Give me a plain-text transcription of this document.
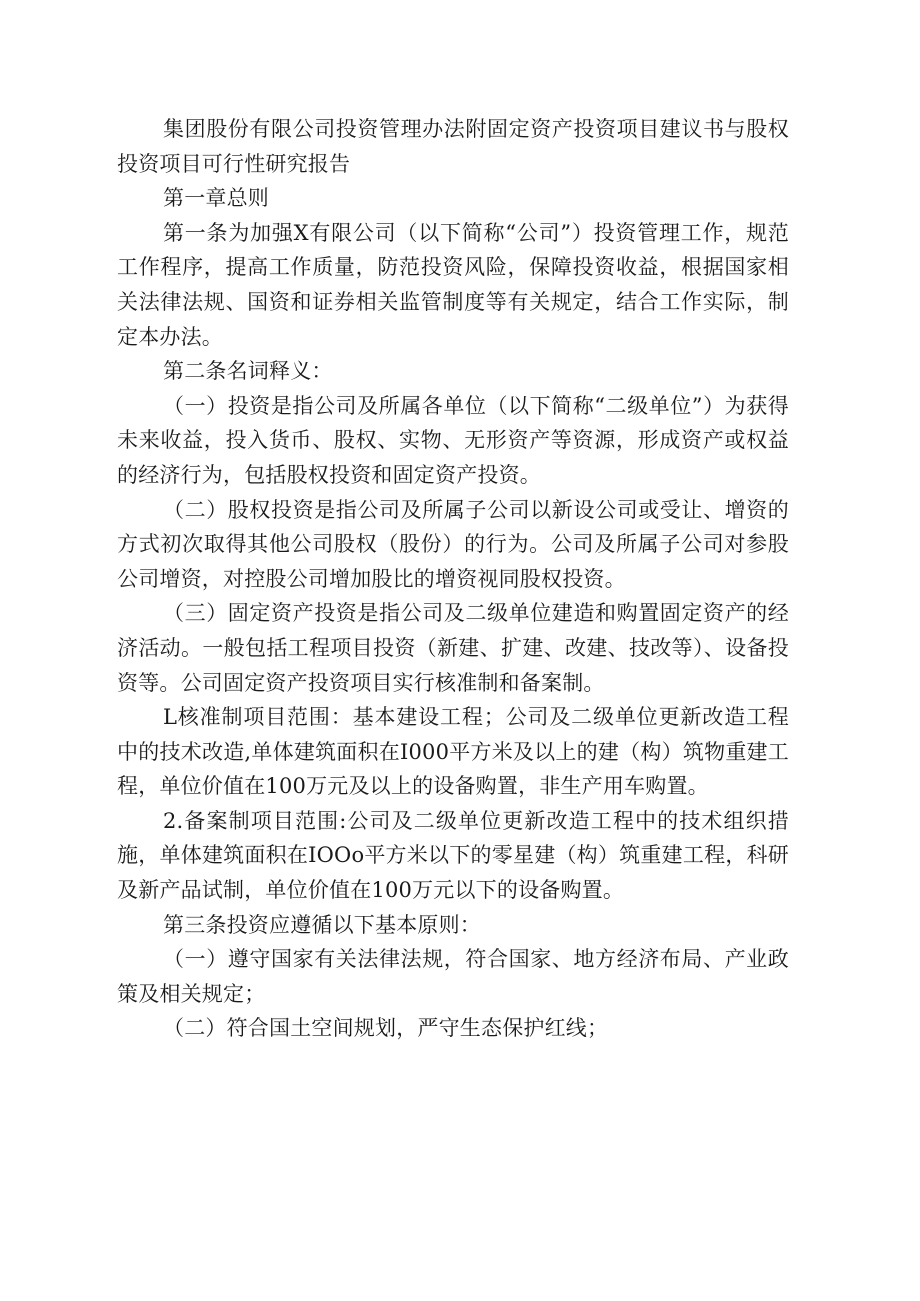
集团股份有限公司投资管理办法附固定资产投资项目建议书与股权投资项目可行性研究报告

第一章总则

第一条为加强X有限公司（以下简称“公司”）投资管理工作，规范工作程序，提高工作质量，防范投资风险，保障投资收益，根据国家相关法律法规、国资和证券相关监管制度等有关规定，结合工作实际，制定本办法。

第二条名词释义：

（一）投资是指公司及所属各单位（以下简称“二级单位”）为获得未来收益，投入货币、股权、实物、无形资产等资源，形成资产或权益的经济行为，包括股权投资和固定资产投资。

（二）股权投资是指公司及所属子公司以新设公司或受让、增资的方式初次取得其他公司股权（股份）的行为。公司及所属子公司对参股公司增资，对控股公司增加股比的增资视同股权投资。

（三）固定资产投资是指公司及二级单位建造和购置固定资产的经济活动。一般包括工程项目投资（新建、扩建、改建、技改等）、设备投资等。公司固定资产投资项目实行核准制和备案制。

L核准制项目范围：基本建设工程；公司及二级单位更新改造工程中的技术改造,单体建筑面积在I000平方米及以上的建（构）筑物重建工程，单位价值在100万元及以上的设备购置，非生产用车购置。

2.备案制项目范围:公司及二级单位更新改造工程中的技术组织措施，单体建筑面积在IOOo平方米以下的零星建（构）筑重建工程，科研及新产品试制，单位价值在100万元以下的设备购置。

第三条投资应遵循以下基本原则：

（一）遵守国家有关法律法规，符合国家、地方经济布局、产业政策及相关规定；

（二）符合国土空间规划，严守生态保护红线；
